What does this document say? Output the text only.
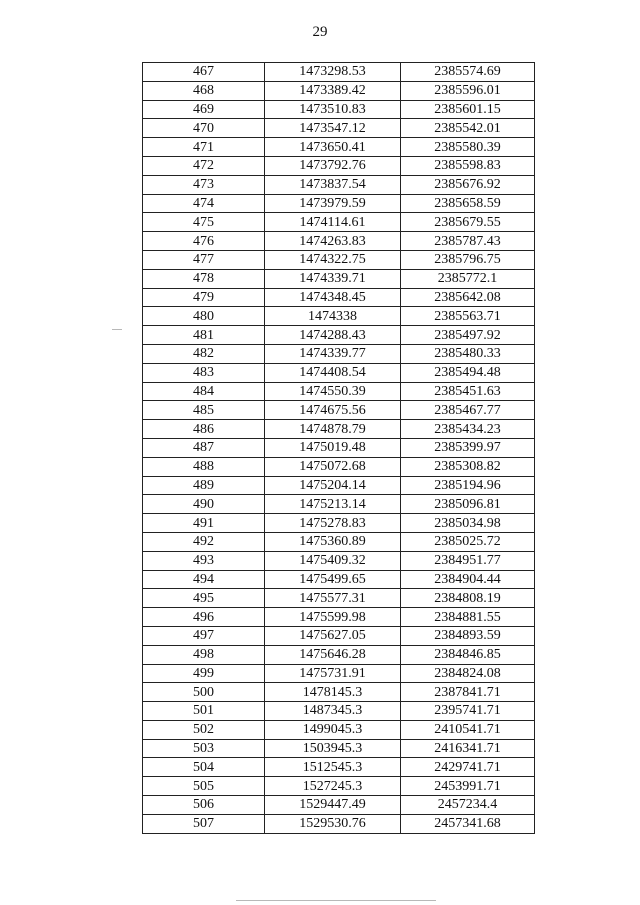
29
467	1473298.53	2385574.69
468	1473389.42	2385596.01
469	1473510.83	2385601.15
470	1473547.12	2385542.01
471	1473650.41	2385580.39
472	1473792.76	2385598.83
473	1473837.54	2385676.92
474	1473979.59	2385658.59
475	1474114.61	2385679.55
476	1474263.83	2385787.43
477	1474322.75	2385796.75
478	1474339.71	2385772.1
479	1474348.45	2385642.08
480	1474338	2385563.71
481	1474288.43	2385497.92
482	1474339.77	2385480.33
483	1474408.54	2385494.48
484	1474550.39	2385451.63
485	1474675.56	2385467.77
486	1474878.79	2385434.23
487	1475019.48	2385399.97
488	1475072.68	2385308.82
489	1475204.14	2385194.96
490	1475213.14	2385096.81
491	1475278.83	2385034.98
492	1475360.89	2385025.72
493	1475409.32	2384951.77
494	1475499.65	2384904.44
495	1475577.31	2384808.19
496	1475599.98	2384881.55
497	1475627.05	2384893.59
498	1475646.28	2384846.85
499	1475731.91	2384824.08
500	1478145.3	2387841.71
501	1487345.3	2395741.71
502	1499045.3	2410541.71
503	1503945.3	2416341.71
504	1512545.3	2429741.71
505	1527245.3	2453991.71
506	1529447.49	2457234.4
507	1529530.76	2457341.68
